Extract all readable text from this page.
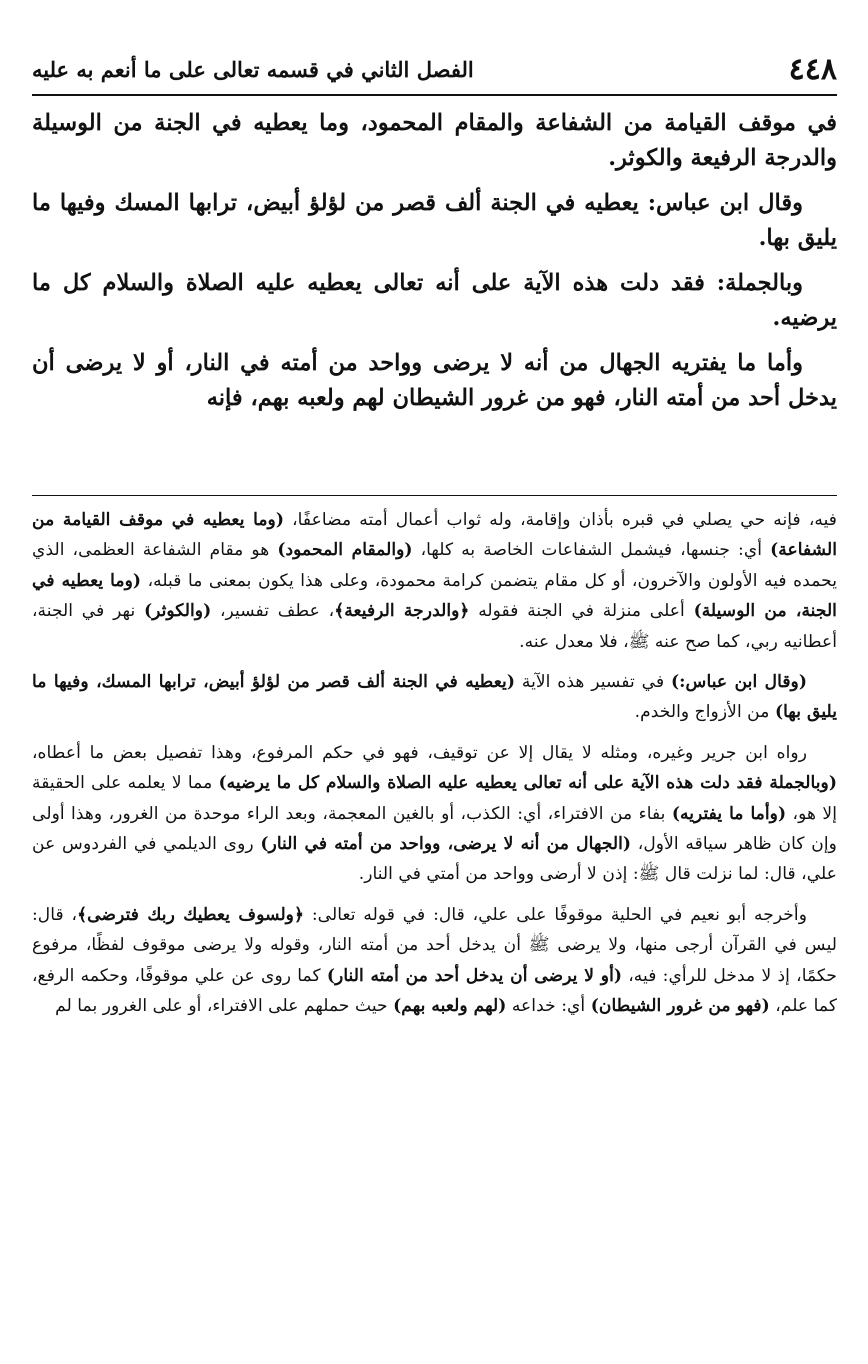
٤٤٨
الفصل الثاني في قسمه تعالى على ما أنعم به عليه

في موقف القيامة من الشفاعة والمقام المحمود، وما يعطيه في الجنة من الوسيلة والدرجة الرفيعة والكوثر.

وقال ابن عباس: يعطيه في الجنة ألف قصر من لؤلؤ أبيض، ترابها المسك وفيها ما يليق بها.

وبالجملة: فقد دلت هذه الآية على أنه تعالى يعطيه عليه الصلاة والسلام كل ما يرضيه.

وأما ما يفتريه الجهال من أنه لا يرضى وواحد من أمته في النار، أو لا يرضى أن يدخل أحد من أمته النار، فهو من غرور الشيطان لهم ولعبه بهم، فإنه

فيه، فإنه حي يصلي في قبره بأذان وإقامة، وله ثواب أعمال أمته مضاعفًا، (وما يعطيه في موقف القيامة من الشفاعة) أي: جنسها، فيشمل الشفاعات الخاصة به كلها، (والمقام المحمود) هو مقام الشفاعة العظمى، الذي يحمده فيه الأولون والآخرون، أو كل مقام يتضمن كرامة محمودة، وعلى هذا يكون بمعنى ما قبله، (وما يعطيه في الجنة، من الوسيلة) أعلى منزلة في الجنة فقوله ﴿والدرجة الرفيعة﴾، عطف تفسير، (والكوثر) نهر في الجنة، أعطانيه ربي، كما صح عنه ﷺ، فلا معدل عنه.

(وقال ابن عباس:) في تفسير هذه الآية (يعطيه في الجنة ألف قصر من لؤلؤ أبيض، ترابها المسك، وفيها ما يليق بها) من الأزواج والخدم.

رواه ابن جرير وغيره، ومثله لا يقال إلا عن توقيف، فهو في حكم المرفوع، وهذا تفصيل بعض ما أعطاه، (وبالجملة فقد دلت هذه الآية على أنه تعالى يعطيه عليه الصلاة والسلام كل ما يرضيه) مما لا يعلمه على الحقيقة إلا هو، (وأما ما يفتريه) بفاء من الافتراء، أي: الكذب، أو بالغين المعجمة، وبعد الراء موحدة من الغرور، وهذا أولى وإن كان ظاهر سياقه الأول، (الجهال من أنه لا يرضى، وواحد من أمته في النار) روى الديلمي في الفردوس عن علي، قال: لما نزلت قال ﷺ: إذن لا أرضى وواحد من أمتي في النار.

وأخرجه أبو نعيم في الحلية موقوفًا على علي، قال: في قوله تعالى: ﴿ولسوف يعطيك ربك فترضى﴾، قال: ليس في القرآن أرجى منها، ولا يرضى ﷺ أن يدخل أحد من أمته النار، وقوله ولا يرضى موقوف لفظًا، مرفوع حكمًا، إذ لا مدخل للرأي: فيه، (أو لا يرضى أن يدخل أحد من أمته النار) كما روى عن علي موقوفًا، وحكمه الرفع، كما علم، (فهو من غرور الشيطان) أي: خداعه (لهم ولعبه بهم) حيث حملهم على الافتراء، أو على الغرور بما لم
